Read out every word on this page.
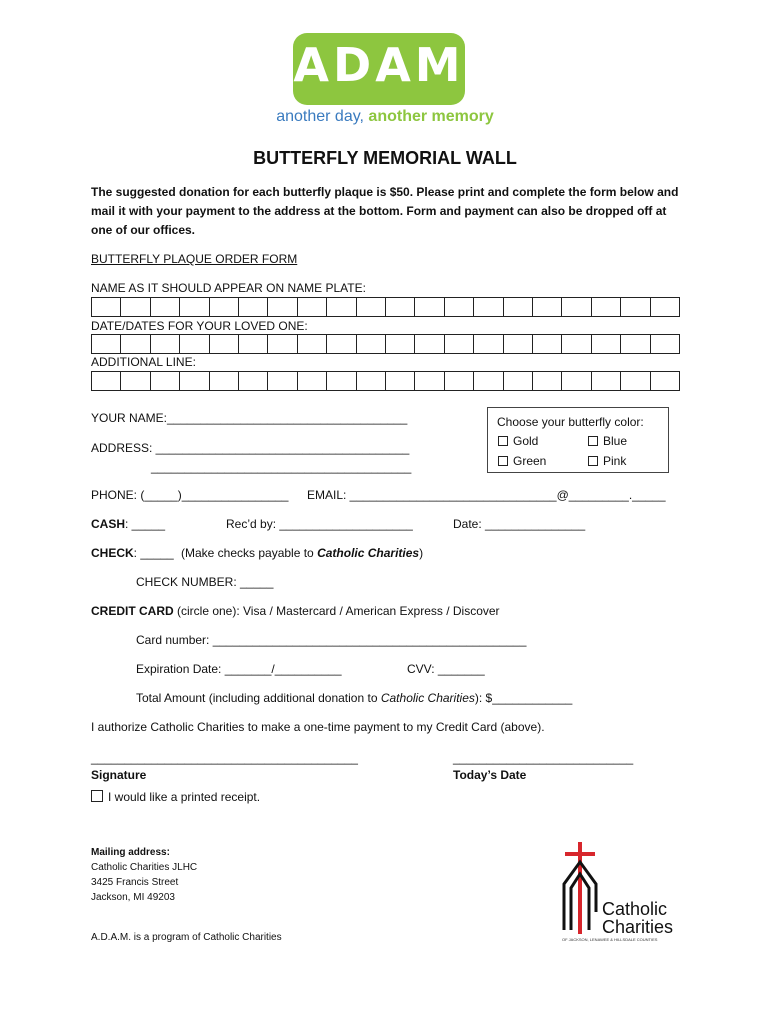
ADAM
another day, another memory
BUTTERFLY MEMORIAL WALL
The suggested donation for each butterfly plaque is $50. Please print and complete the form below and mail it with your payment to the address at the bottom. Form and payment can also be dropped off at one of our offices.
BUTTERFLY PLAQUE ORDER FORM
NAME AS IT SHOULD APPEAR ON NAME PLATE:
DATE/DATES FOR YOUR LOVED ONE:
ADDITIONAL LINE:
YOUR NAME:____________________________________
ADDRESS: ______________________________________
_______________________________________
Choose your butterfly color:
Gold	Blue
Green	Pink
PHONE: (_____)________________ EMAIL: _______________________________@_________._____
CASH: _____	Rec’d by: ____________________	Date: _______________
CHECK: _____ (Make checks payable to Catholic Charities)
CHECK NUMBER: _____
CREDIT CARD (circle one): Visa / Mastercard / American Express / Discover
Card number: _______________________________________________
Expiration Date: _______/__________	CVV: _______
Total Amount (including additional donation to Catholic Charities): $____________
I authorize Catholic Charities to make a one-time payment to my Credit Card (above).
________________________________________	___________________________
Signature	Today’s Date
I would like a printed receipt.
Mailing address:
Catholic Charities JLHC
3425 Francis Street
Jackson, MI 49203
A.D.A.M. is a program of Catholic Charities
Catholic
Charities
OF JACKSON, LENAWEE & HILLSDALE COUNTIES
